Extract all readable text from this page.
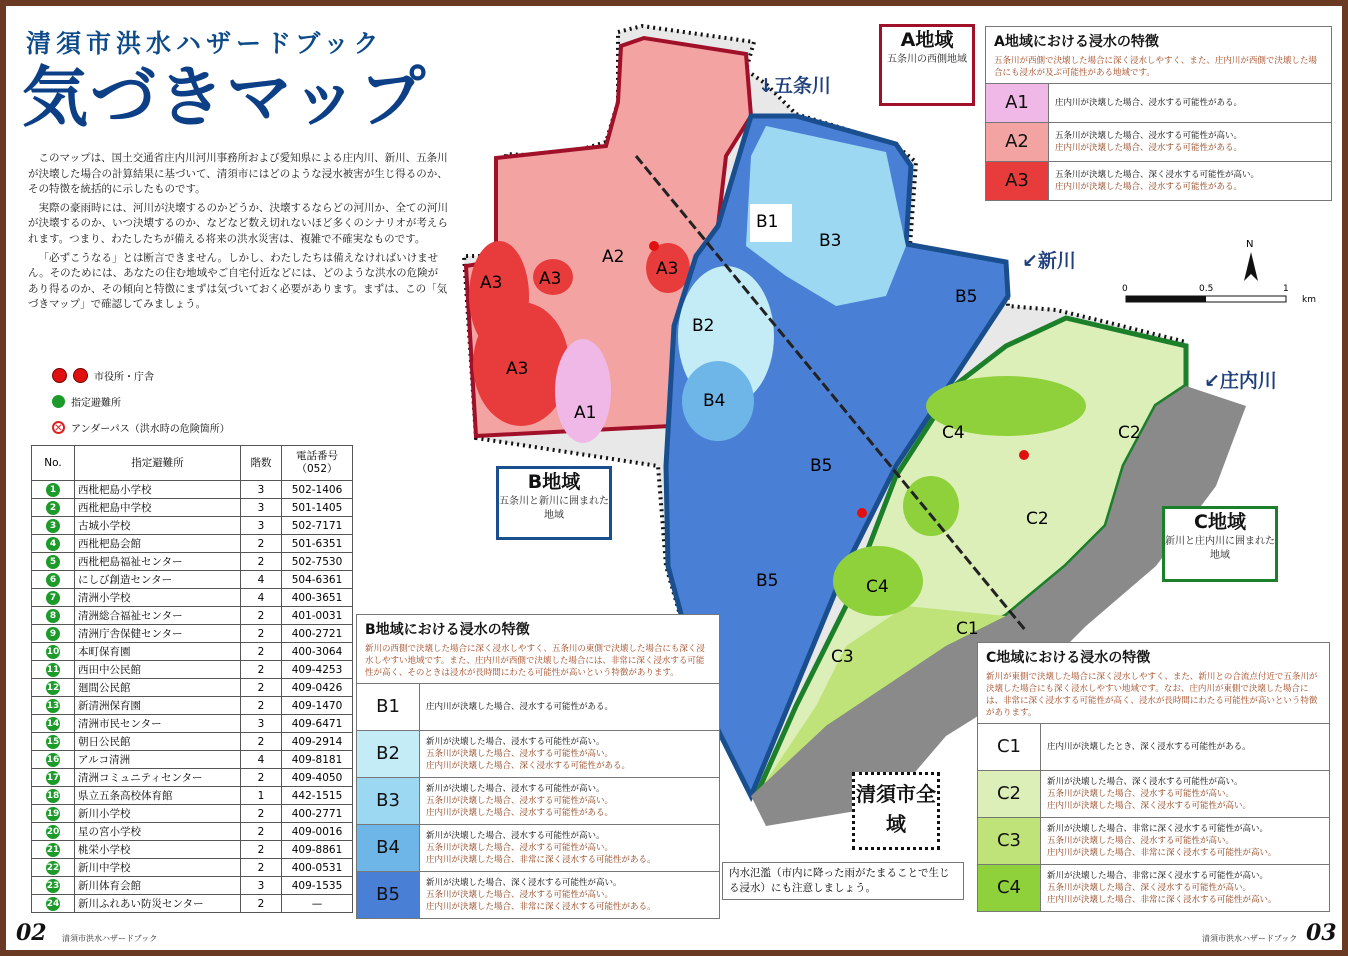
清須市洪水ハザードブック
気づきマップ

このマップは、国土交通省庄内川河川事務所および愛知県による庄内川、新川、五条川が決壊した場合の計算結果に基づいて、清須市にはどのような浸水被害が生じ得るのか、その特徴を統括的に示したものです。

実際の豪雨時には、河川が決壊するのかどうか、決壊するならどの河川か、全ての河川が決壊するのか、いつ決壊するのか、などなど数え切れないほど多くのシナリオが考えられます。つまり、わたしたちが備える将来の洪水災害は、複雑で不確実なものです。

「必ずこうなる」とは断言できません。しかし、わたしたちは備えなければいけません。そのためには、あなたの住む地域やご自宅付近などには、どのような洪水の危険があり得るのか、その傾向と特徴にまずは気づいておく必要があります。まずは、この「気づきマップ」で確認してみましょう。

市役所・庁舎
指定避難所
✕ アンダーパス（洪水時の危険箇所）
No.	指定避難所	階数	電話番号（052）
1	西枇杷島小学校	3	502-1406
2	西枇杷島中学校	3	501-1405
3	古城小学校	3	502-7171
4	西枇杷島会館	2	501-6351
5	西枇杷島福祉センター	2	502-7530
6	にしび創造センター	4	504-6361
7	清洲小学校	4	400-3651
8	清洲総合福祉センター	2	401-0031
9	清洲庁舎保健センター	2	400-2721
10	本町保育園	2	400-3064
11	西田中公民館	2	409-4253
12	廻間公民館	2	409-0426
13	新清洲保育園	2	409-1470
14	清洲市民センター	3	409-6471
15	朝日公民館	2	409-2914
16	アルコ清洲	4	409-8181
17	清洲コミュニティセンター	2	409-4050
18	県立五条高校体育館	1	442-1515
19	新川小学校	2	400-2771
20	星の宮小学校	2	409-0016
21	桃栄小学校	2	409-8861
22	新川中学校	2	400-0531
23	新川体育会館	3	409-1535
24	新川ふれあい防災センター	2	—
02 清須市洪水ハザードブック
A1
A2
A3 A3
A3
A3
B1
B2
B3
B4
B5
B5
B5
C1
C2
C2
C3
C4
C4
0	0.5	1
km
N
A地域
五条川の西側地域
B地域
五条川と新川に囲まれた地域	C地域
新川と庄内川に囲まれた地域
清須市全域
↓五条川
↙新川
↙庄内川
A地域における浸水の特徴
五条川が西側で決壊した場合に深く浸水しやすく、また、庄内川が西側で決壊した場合にも浸水が及ぶ可能性がある地域です。
A1	庄内川が決壊した場合、浸水する可能性がある。

A2	五条川が決壊した場合、浸水する可能性が高い。
庄内川が決壊した場合、浸水する可能性がある。

A3	五条川が決壊した場合、深く浸水する可能性が高い。
庄内川が決壊した場合、浸水する可能性がある。
B地域における浸水の特徴
新川の西側で決壊した場合に深く浸水しやすく、五条川の東側で決壊した場合にも深く浸水しやすい地域です。また、庄内川が西側で決壊した場合には、非常に深く浸水する可能性が高く、そのときは浸水が長時間にわたる可能性が高いという特徴があります。
B1	庄内川が決壊した場合、浸水する可能性がある。

B2	新川が決壊した場合、浸水する可能性が高い。
五条川が決壊した場合、浸水する可能性が高い。
庄内川が決壊した場合、深く浸水する可能性がある。

B3	新川が決壊した場合、浸水する可能性が高い。
五条川が決壊した場合、浸水する可能性が高い。
庄内川が決壊した場合、浸水する可能性がある。

B4	新川が決壊した場合、浸水する可能性が高い。
五条川が決壊した場合、浸水する可能性が高い。
庄内川が決壊した場合、非常に深く浸水する可能性がある。

B5	新川が決壊した場合、深く浸水する可能性が高い。
五条川が決壊した場合、浸水する可能性が高い。
庄内川が決壊した場合、非常に深く浸水する可能性がある。
C地域における浸水の特徴
新川が東側で決壊した場合に深く浸水しやすく、また、新川との合流点付近で五条川が決壊した場合にも深く浸水しやすい地域です。なお、庄内川が東側で決壊した場合には、非常に深く浸水する可能性が高く、浸水が長時間にわたる可能性が高いという特徴があります。
C1	庄内川が決壊したとき、深く浸水する可能性がある。

C2	新川が決壊した場合、深く浸水する可能性が高い。
五条川が決壊した場合、浸水する可能性が高い。
庄内川が決壊した場合、深く浸水する可能性が高い。

C3	新川が決壊した場合、非常に深く浸水する可能性が高い。
五条川が決壊した場合、浸水する可能性が高い。
庄内川が決壊した場合、非常に深く浸水する可能性が高い。

C4	新川が決壊した場合、非常に深く浸水する可能性が高い。
五条川が決壊した場合、深く浸水する可能性が高い。
庄内川が決壊した場合、非常に深く浸水する可能性が高い。
内水氾濫（市内に降った雨がたまることで生じる浸水）にも注意しましょう。
清須市洪水ハザードブック 03
